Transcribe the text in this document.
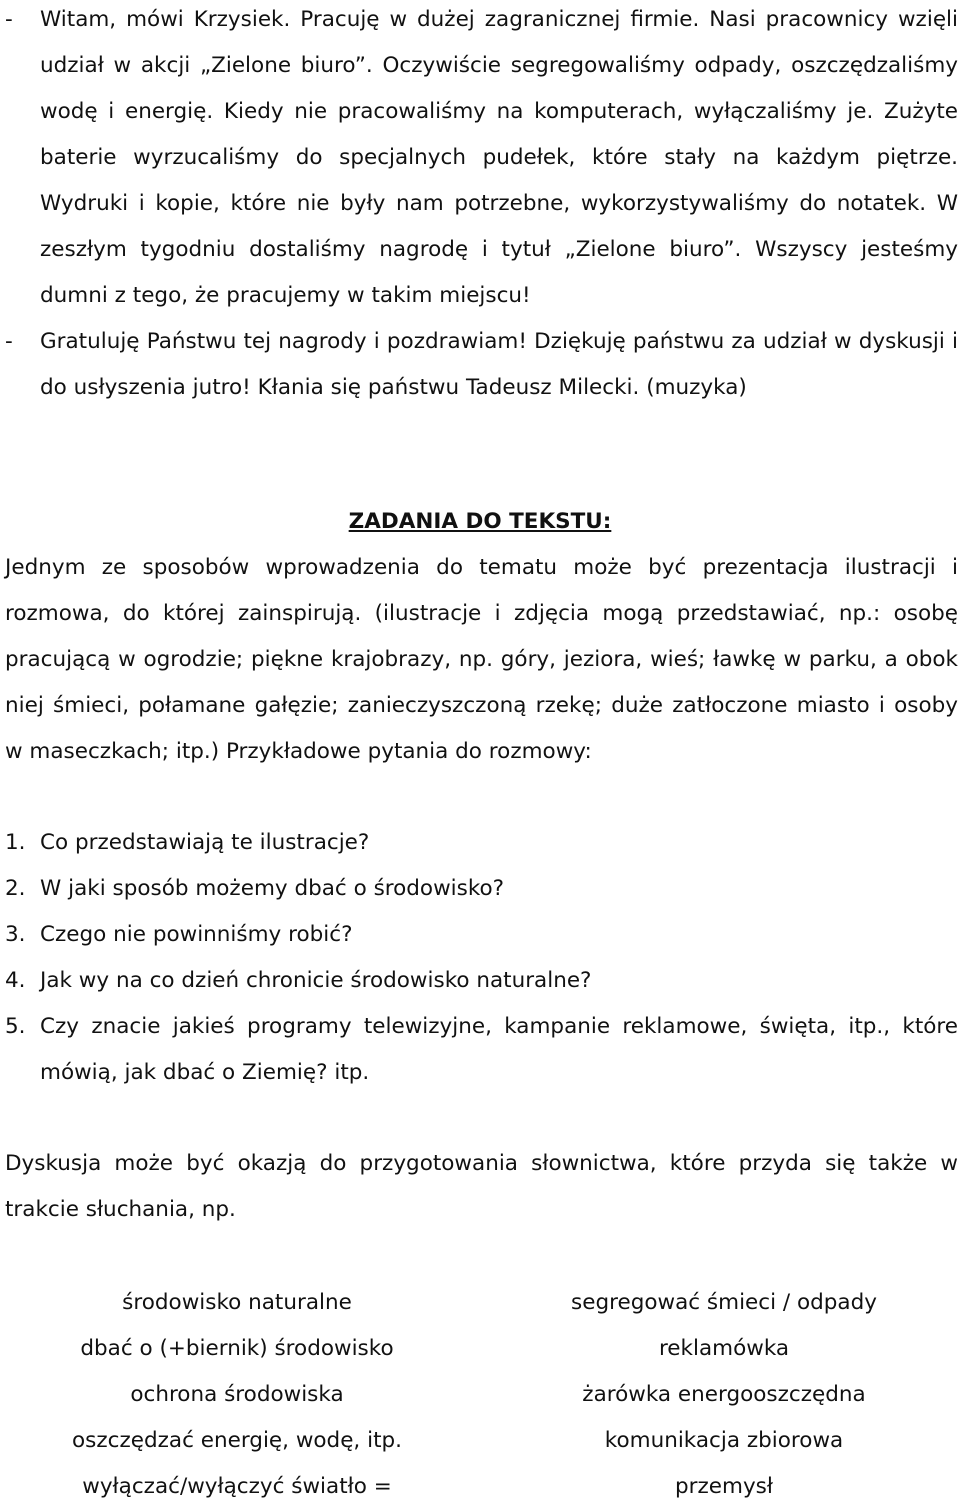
- Witam, mówi Krzysiek. Pracuję w dużej zagranicznej firmie. Nasi pracownicy wzięli udział w akcji „Zielone biuro”. Oczywiście segregowaliśmy odpady, oszczędzaliśmy wodę i energię. Kiedy nie pracowaliśmy na komputerach, wyłączaliśmy je. Zużyte baterie wyrzucaliśmy do specjalnych pudełek, które stały na każdym piętrze. Wydruki i kopie, które nie były nam potrzebne, wykorzystywaliśmy do notatek. W zeszłym tygodniu dostaliśmy nagrodę i tytuł „Zielone biuro”. Wszyscy jesteśmy dumni z tego, że pracujemy w takim miejscu!
- Gratuluję Państwu tej nagrody i pozdrawiam! Dziękuję państwu za udział w dyskusji i do usłyszenia jutro! Kłania się państwu Tadeusz Milecki. (muzyka)
ZADANIA DO TEKSTU:
Jednym ze sposobów wprowadzenia do tematu może być prezentacja ilustracji i rozmowa, do której zainspirują. (ilustracje i zdjęcia mogą przedstawiać, np.: osobę pracującą w ogrodzie; piękne krajobrazy, np. góry, jeziora, wieś; ławkę w parku, a obok niej śmieci, połamane gałęzie; zanieczyszczoną rzekę; duże zatłoczone miasto i osoby w maseczkach; itp.) Przykładowe pytania do rozmowy:
1. Co przedstawiają te ilustracje?
2. W jaki sposób możemy dbać o środowisko?
3. Czego nie powinniśmy robić?
4. Jak wy na co dzień chronicie środowisko naturalne?
5. Czy znacie jakieś programy telewizyjne, kampanie reklamowe, święta, itp., które mówią, jak dbać o Ziemię? itp.
Dyskusja może być okazją do przygotowania słownictwa, które przyda się także w trakcie słuchania, np.
środowisko naturalne	segregować śmieci / odpady
dbać o (+biernik) środowisko	reklamówka
ochrona środowiska	żarówka energooszczędna
oszczędzać energię, wodę, itp.	komunikacja zbiorowa
wyłączać/wyłączyć światło =	przemysł
